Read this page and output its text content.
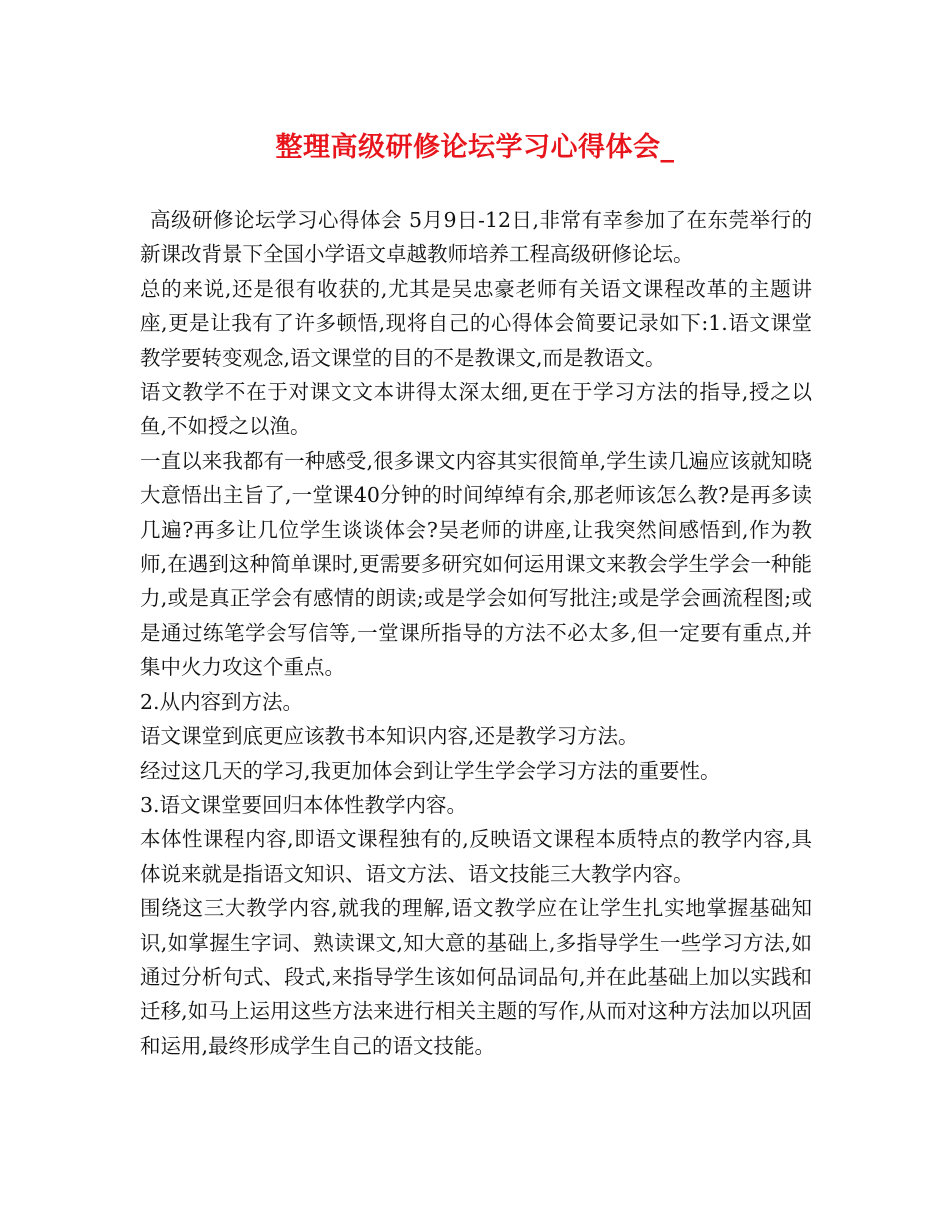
整理高级研修论坛学习心得体会_

高级研修论坛学习心得体会 5月9日-12日,非常有幸参加了在东莞举行的新课改背景下全国小学语文卓越教师培养工程高级研修论坛。

总的来说,还是很有收获的,尤其是吴忠豪老师有关语文课程改革的主题讲座,更是让我有了许多顿悟,现将自己的心得体会简要记录如下:1.语文课堂教学要转变观念,语文课堂的目的不是教课文,而是教语文。

语文教学不在于对课文文本讲得太深太细,更在于学习方法的指导,授之以鱼,不如授之以渔。

一直以来我都有一种感受,很多课文内容其实很简单,学生读几遍应该就知晓大意悟出主旨了,一堂课40分钟的时间绰绰有余,那老师该怎么教?是再多读几遍?再多让几位学生谈谈体会?吴老师的讲座,让我突然间感悟到,作为教师,在遇到这种简单课时,更需要多研究如何运用课文来教会学生学会一种能力,或是真正学会有感情的朗读;或是学会如何写批注;或是学会画流程图;或是通过练笔学会写信等,一堂课所指导的方法不必太多,但一定要有重点,并集中火力攻这个重点。

2.从内容到方法。

语文课堂到底更应该教书本知识内容,还是教学习方法。

经过这几天的学习,我更加体会到让学生学会学习方法的重要性。

3.语文课堂要回归本体性教学内容。

本体性课程内容,即语文课程独有的,反映语文课程本质特点的教学内容,具体说来就是指语文知识、语文方法、语文技能三大教学内容。

围绕这三大教学内容,就我的理解,语文教学应在让学生扎实地掌握基础知识,如掌握生字词、熟读课文,知大意的基础上,多指导学生一些学习方法,如通过分析句式、段式,来指导学生该如何品词品句,并在此基础上加以实践和迁移,如马上运用这些方法来进行相关主题的写作,从而对这种方法加以巩固和运用,最终形成学生自己的语文技能。
